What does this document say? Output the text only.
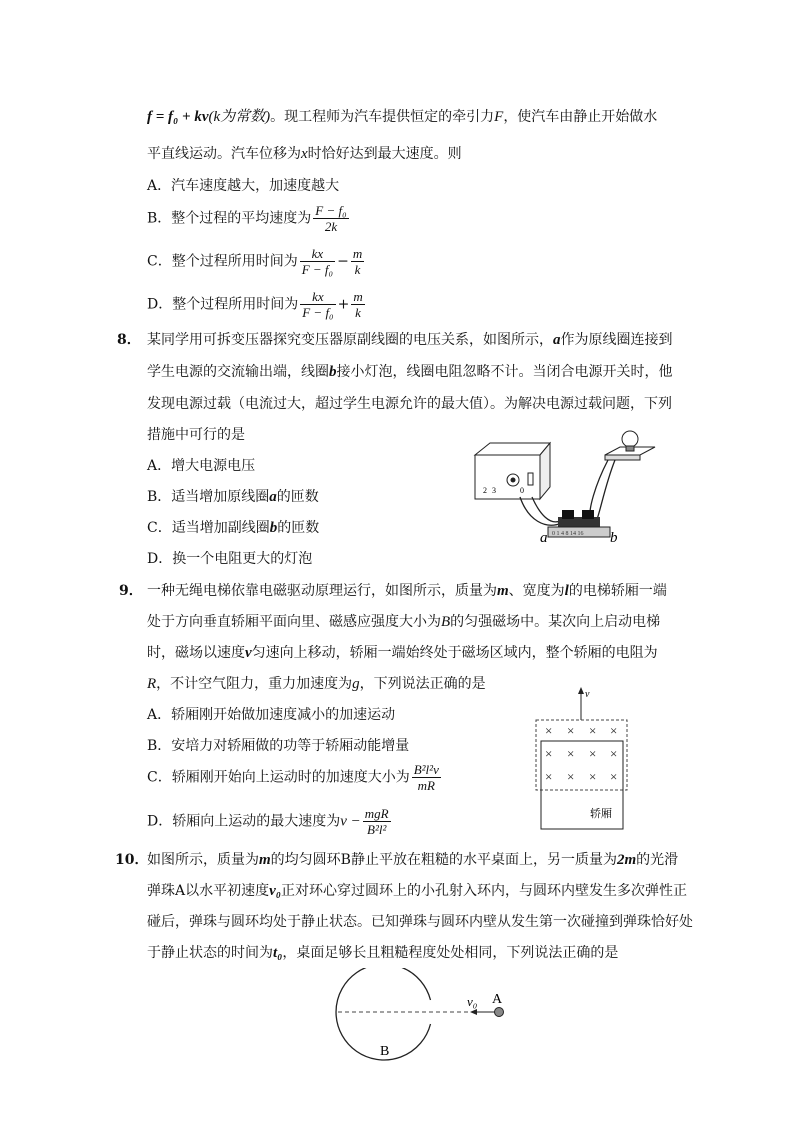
f = f₀ + kv(k为常数)。现工程师为汽车提供恒定的牵引力F，使汽车由静止开始做水
平直线运动。汽车位移为x时恰好达到最大速度。则
A．汽车速度越大，加速度越大
B．整个过程的平均速度为 $\frac{\text{F − f₀}}{2k}$
C．整个过程所用时间为 $\frac{kx}{\text{F − f₀}} - \frac{m}{k}$
D．整个过程所用时间为 $\frac{kx}{\text{F − f₀}} + \frac{m}{k}$
8． 某同学用可拆变压器探究变压器原副线圈的电压关系，如图所示，a作为原线圈连接到
学生电源的交流输出端，线圈b接小灯泡，线圈电阻忽略不计。当闭合电源开关时，他
发现电源过载（电流过大，超过学生电源允许的最大值）。为解决电源过载问题，下列
措施中可行的是
A．增大电源电压
B．适当增加原线圈a的匝数
C．适当增加副线圈b的匝数
D．换一个电阻更大的灯泡
2 3	0
0 1 4 8 14 16
a	b
9． 一种无绳电梯依靠电磁驱动原理运行，如图所示，质量为m、宽度为l的电梯轿厢一端
处于方向垂直轿厢平面向里、磁感应强度大小为B的匀强磁场中。某次向上启动电梯
时，磁场以速度v匀速向上移动，轿厢一端始终处于磁场区域内，整个轿厢的电阻为
R，不计空气阻力，重力加速度为g，下列说法正确的是
A．轿厢刚开始做加速度减小的加速运动
B．安培力对轿厢做的功等于轿厢动能增量
C．轿厢刚开始向上运动时的加速度大小为 $\frac{\text{B²l²v}}{mR}$
D．轿厢向上运动的最大速度为$v - \frac{\text{mgR}}{\text{B²l²}}$
v
× × × ×
× × × ×
× × × ×
轿厢
10．
如图所示，质量为m的均匀圆环B静止平放在粗糙的水平桌面上，另一质量为2m的光滑
弹珠A以水平初速度v₀正对环心穿过圆环上的小孔射入环内，与圆环内壁发生多次弹性正
碰后，弹珠与圆环均处于静止状态。已知弹珠与圆环内壁从发生第一次碰撞到弹珠恰好处
于静止状态的时间为t₀，桌面足够长且粗糙程度处处相同，下列说法正确的是
v₀ A
B
